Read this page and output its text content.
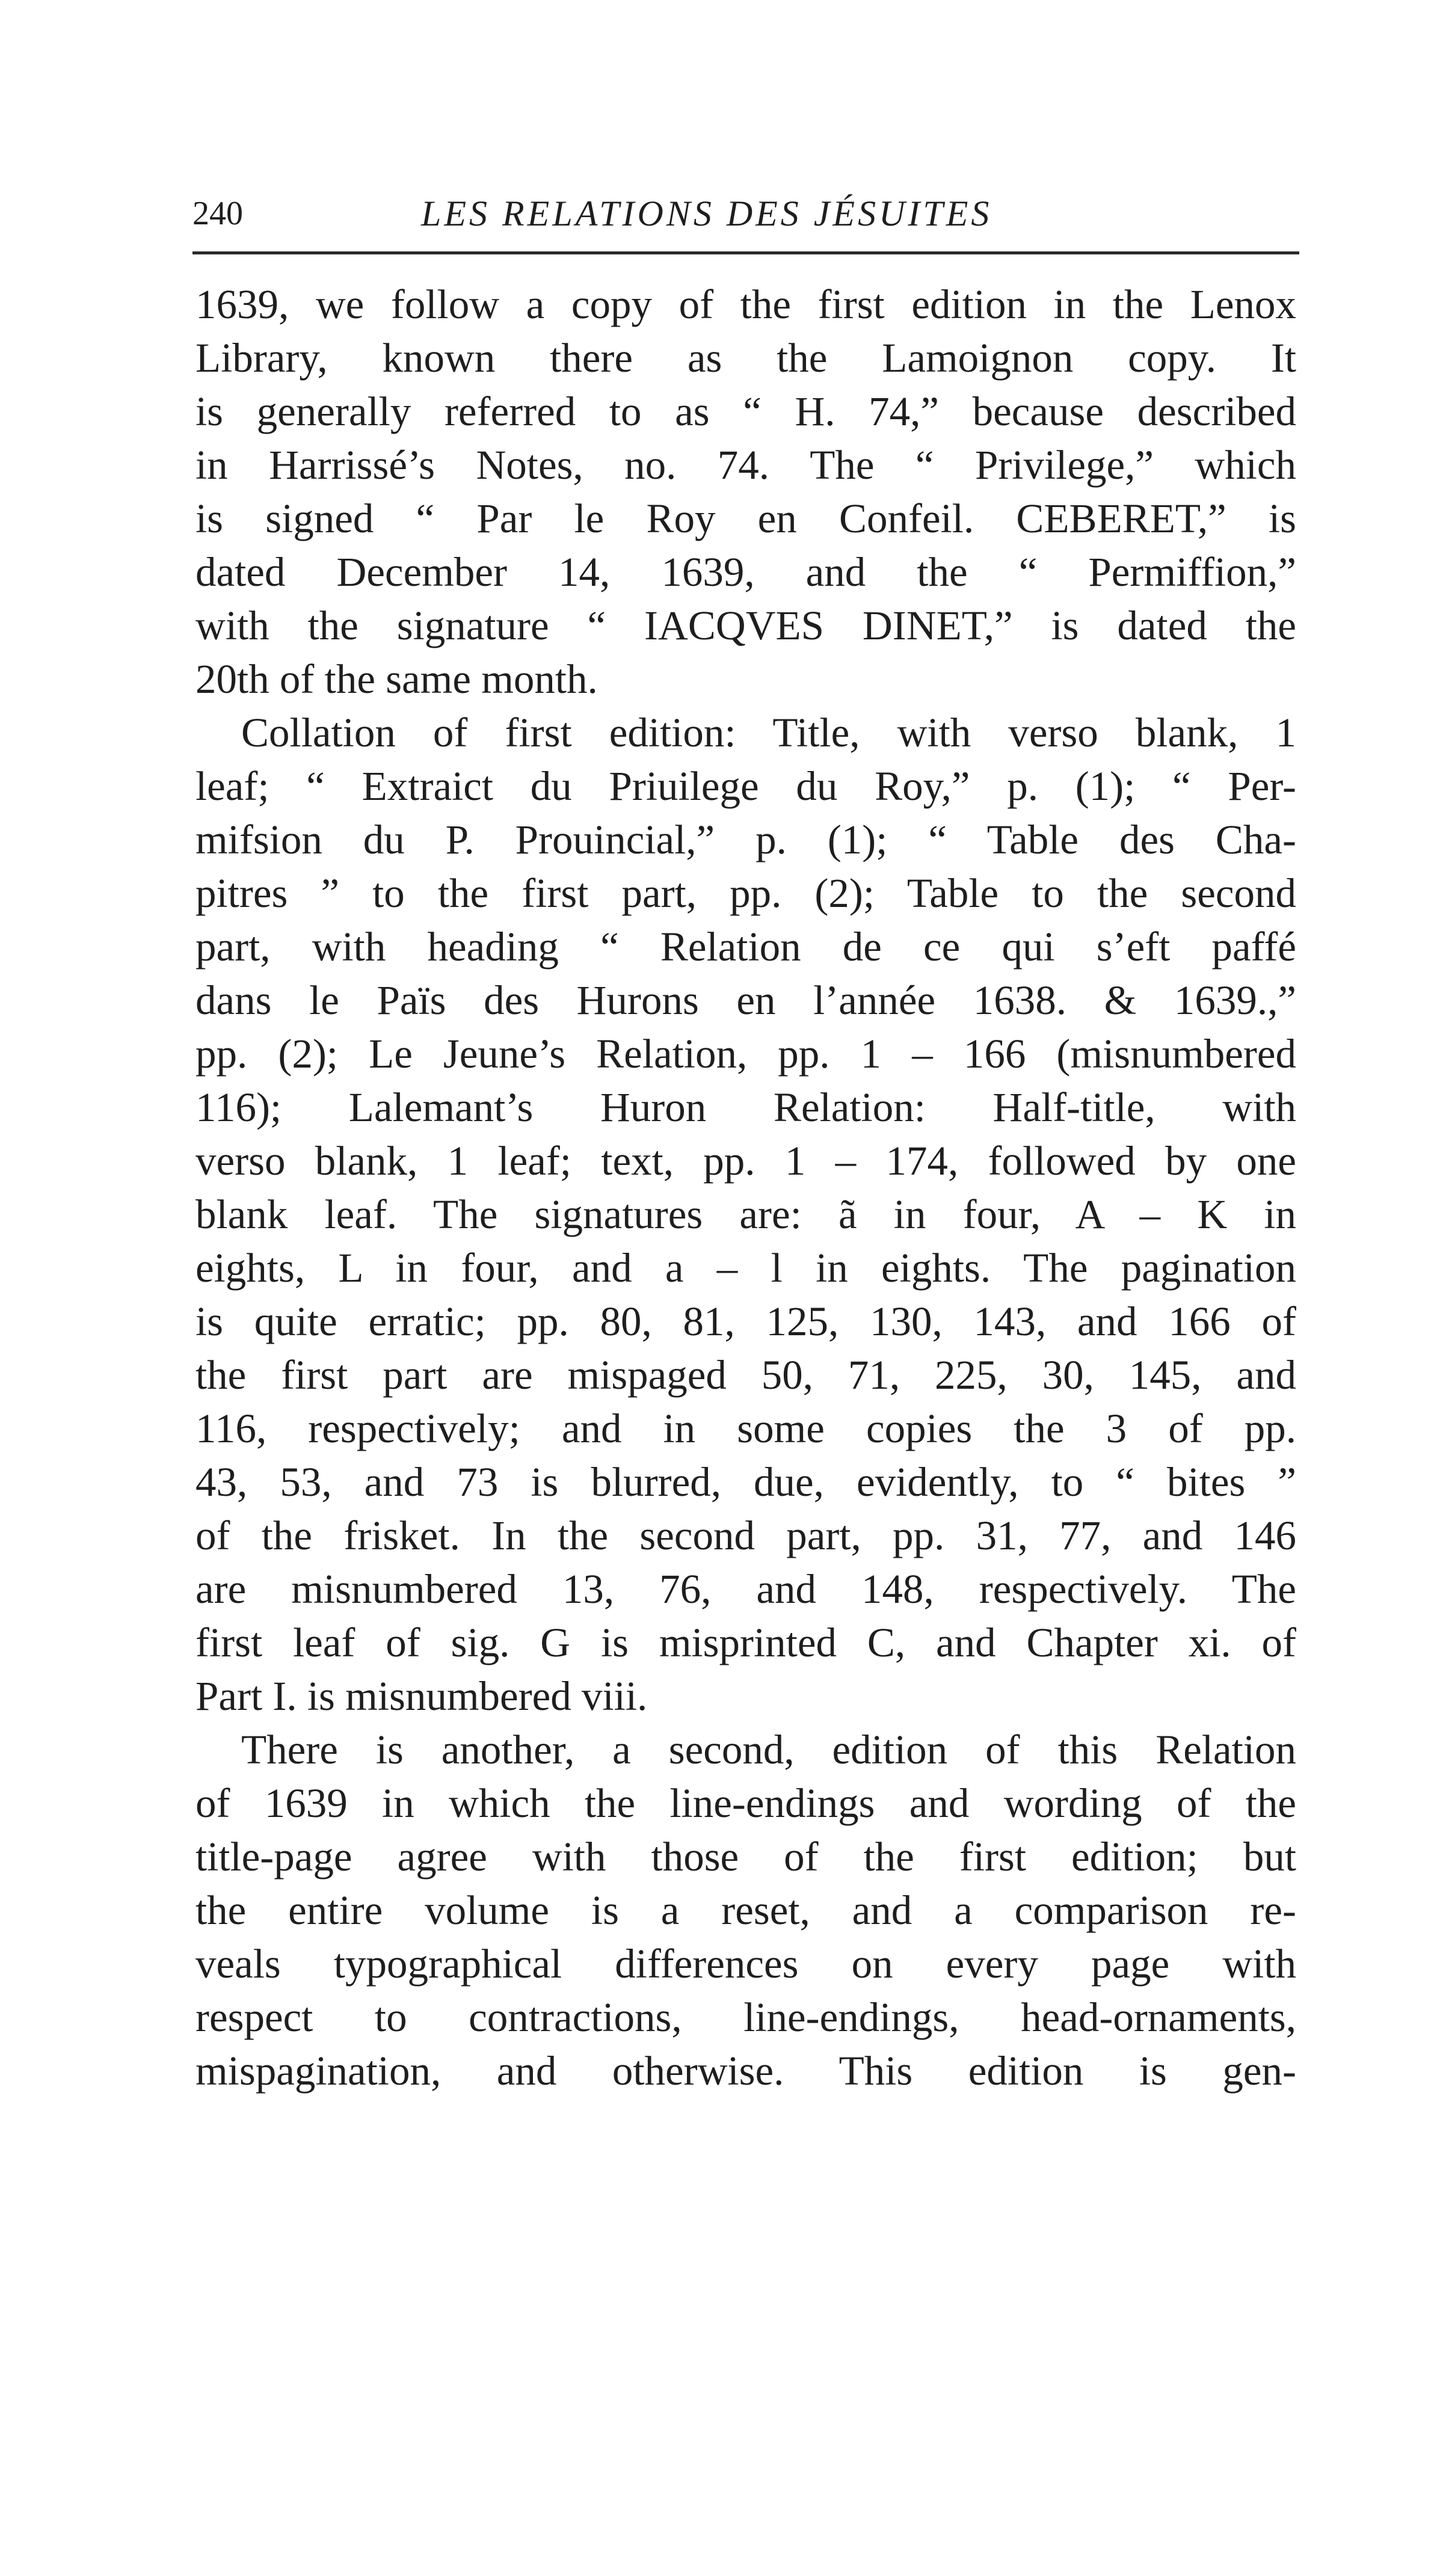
240	LES RELATIONS DES JÉSUITES
1639, we follow a copy of the first edition in the Lenox
Library, known there as the Lamoignon copy. It
is generally referred to as “ H. 74,” because described
in Harrissé’s Notes, no. 74. The “ Privilege,” which
is signed “ Par le Roy en Confeil. CEBERET,” is
dated December 14, 1639, and the “ Permiffion,”
with the signature “ IACQVES DINET,” is dated the
20th of the same month.
Collation of first edition: Title, with verso blank, 1
leaf; “ Extraict du Priuilege du Roy,” p. (1); “ Per-
mifsion du P. Prouincial,” p. (1); “ Table des Cha-
pitres ” to the first part, pp. (2); Table to the second
part, with heading “ Relation de ce qui s’eft paffé
dans le Païs des Hurons en l’année 1638. & 1639.,”
pp. (2); Le Jeune’s Relation, pp. 1 – 166 (misnumbered
116); Lalemant’s Huron Relation: Half-title, with
verso blank, 1 leaf; text, pp. 1 – 174, followed by one
blank leaf. The signatures are: ã in four, A – K in
eights, L in four, and a – l in eights. The pagination
is quite erratic; pp. 80, 81, 125, 130, 143, and 166 of
the first part are mispaged 50, 71, 225, 30, 145, and
116, respectively; and in some copies the 3 of pp.
43, 53, and 73 is blurred, due, evidently, to “ bites ”
of the frisket. In the second part, pp. 31, 77, and 146
are misnumbered 13, 76, and 148, respectively. The
first leaf of sig. G is misprinted C, and Chapter xi. of
Part I. is misnumbered viii.
There is another, a second, edition of this Relation
of 1639 in which the line-endings and wording of the
title-page agree with those of the first edition; but
the entire volume is a reset, and a comparison re-
veals typographical differences on every page with
respect to contractions, line-endings, head-ornaments,
mispagination, and otherwise. This edition is gen-
